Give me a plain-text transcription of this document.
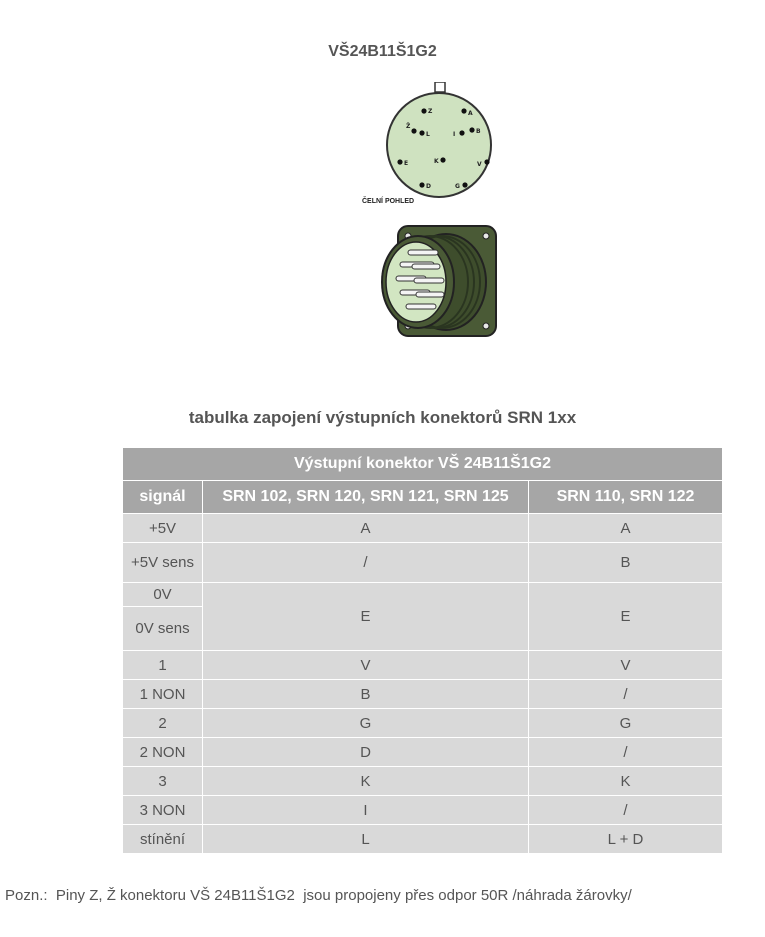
VŠ24B11Š1G2
Z	A
Ž
L	I	B
E	K	V
D	G
ČELNÍ POHLED
tabulka zapojení výstupních konektorů SRN 1xx
Výstupní konektor VŠ 24B11Š1G2		
signál	SRN 102, SRN 120, SRN 121, SRN 125	SRN 110, SRN 122
+5V	A	A
+5V sens	/	B
0V	E	E
0V sens		
1	V	V
1 NON	B	/
2	G	G
2 NON	D	/
3	K	K
3 NON	I	/
stínění	L	L + D
Pozn.:  Piny Z, Ž konektoru VŠ 24B11Š1G2  jsou propojeny přes odpor 50R /náhrada žárovky/
